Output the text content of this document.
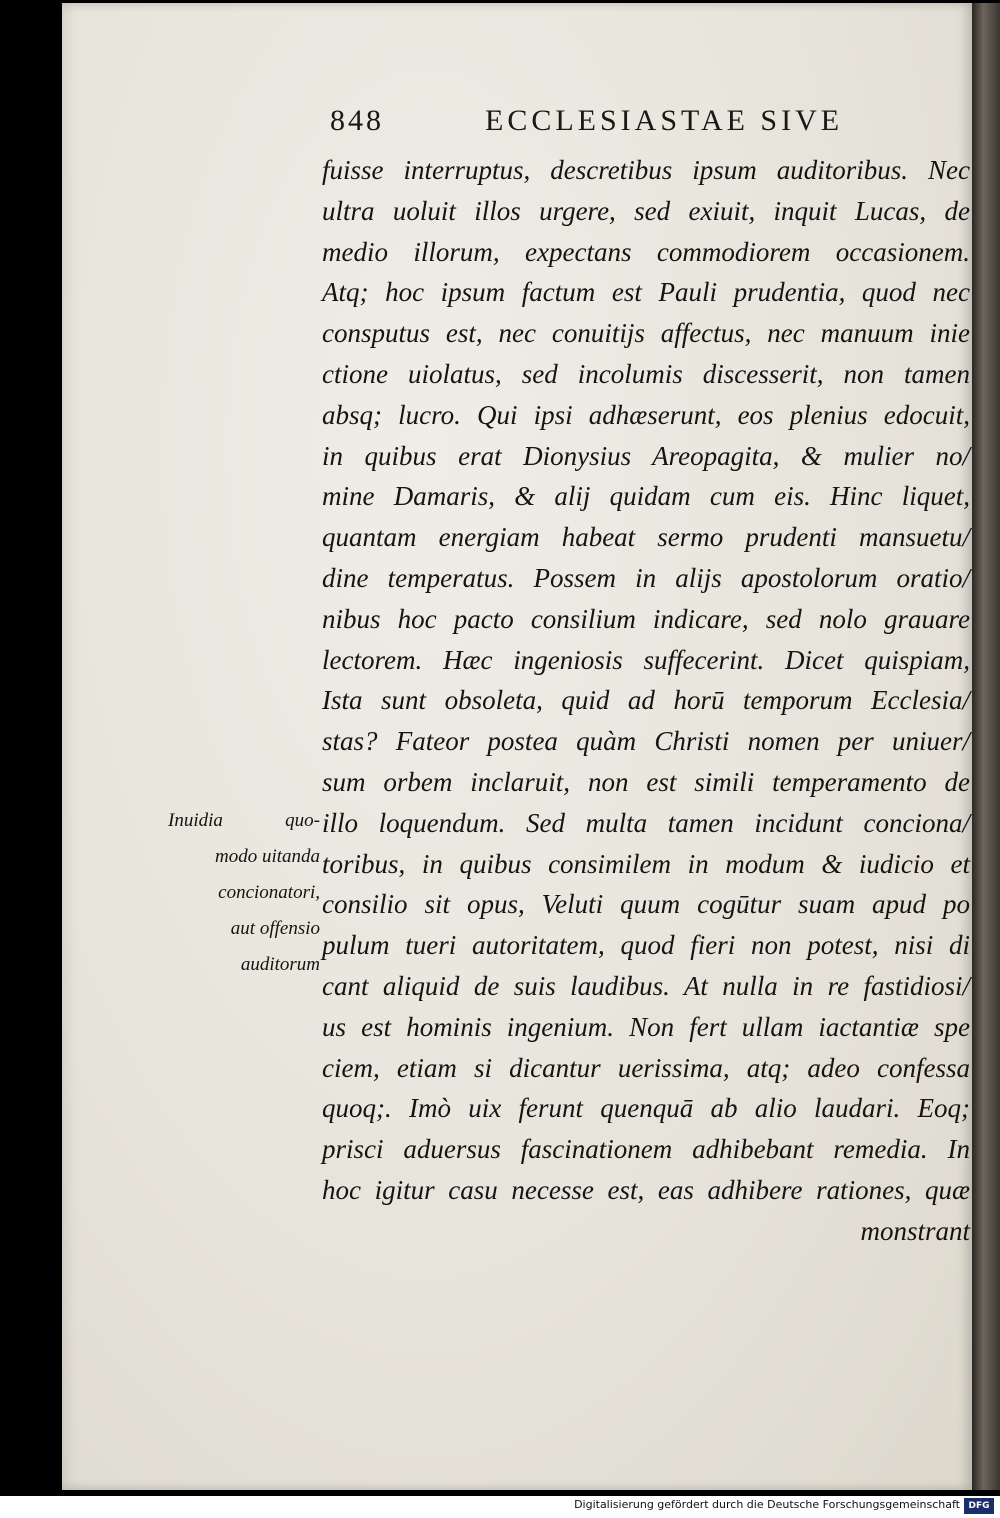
848	ECCLESIASTAE SIVE
fuisse interruptus, descretibus ipsum auditoribus. Nec
ultra uoluit illos urgere, sed exiuit, inquit Lucas, de
medio illorum, expectans commodiorem occasionem.
Atq; hoc ipsum factum est Pauli prudentia, quod nec
consputus est, nec conuitijs affectus, nec manuum inie
ctione uiolatus, sed incolumis discesserit, non tamen
absq; lucro. Qui ipsi adhæserunt, eos plenius edocuit,
in quibus erat Dionysius Areopagita, & mulier no/
mine Damaris, & alij quidam cum eis. Hinc liquet,
quantam energiam habeat sermo prudenti mansuetu/
dine temperatus. Possem in alijs apostolorum oratio/
nibus hoc pacto consilium indicare, sed nolo grauare
lectorem. Hæc ingeniosis suffecerint. Dicet quispiam,
Ista sunt obsoleta, quid ad horū temporum Ecclesia/
stas? Fateor postea quàm Christi nomen per uniuer/
sum orbem inclaruit, non est simili temperamento de
illo loquendum. Sed multa tamen incidunt conciona/
toribus, in quibus consimilem in modum & iudicio et
consilio sit opus, Veluti quum cogūtur suam apud po
pulum tueri autoritatem, quod fieri non potest, nisi di
cant aliquid de suis laudibus. At nulla in re fastidiosi/
us est hominis ingenium. Non fert ullam iactantiæ spe
ciem, etiam si dicantur uerissima, atq; adeo confessa
quoq;. Imò uix ferunt quenquā ab alio laudari. Eoq;
prisci aduersus fascinationem adhibebant remedia. In
hoc igitur casu necesse est, eas adhibere rationes, quæ
monstrant
Inuidia quo-
modo uitanda
concionatori,
aut offensio
auditorum
Digitalisierung gefördert durch die Deutsche Forschungsgemeinschaft DFG
